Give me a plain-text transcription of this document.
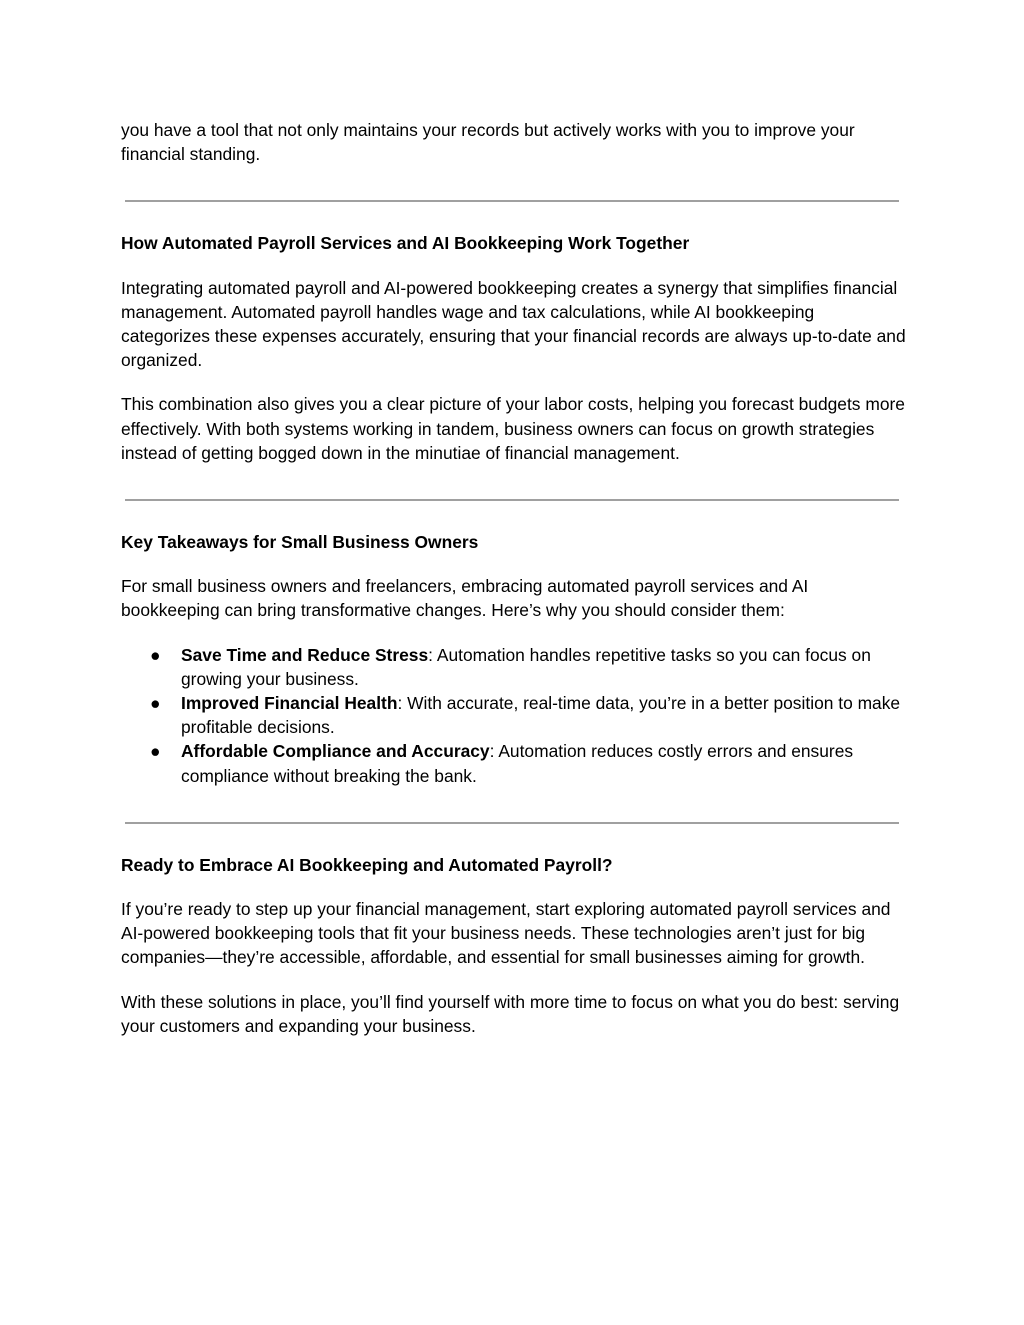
you have a tool that not only maintains your records but actively works with you to improve your financial standing.

How Automated Payroll Services and AI Bookkeeping Work Together

Integrating automated payroll and AI-powered bookkeeping creates a synergy that simplifies financial management. Automated payroll handles wage and tax calculations, while AI bookkeeping categorizes these expenses accurately, ensuring that your financial records are always up-to-date and organized.

This combination also gives you a clear picture of your labor costs, helping you forecast budgets more effectively. With both systems working in tandem, business owners can focus on growth strategies instead of getting bogged down in the minutiae of financial management.

Key Takeaways for Small Business Owners

For small business owners and freelancers, embracing automated payroll services and AI bookkeeping can bring transformative changes. Here’s why you should consider them:

● Save Time and Reduce Stress: Automation handles repetitive tasks so you can focus on growing your business.
● Improved Financial Health: With accurate, real-time data, you’re in a better position to make profitable decisions.
● Affordable Compliance and Accuracy: Automation reduces costly errors and ensures compliance without breaking the bank.
Ready to Embrace AI Bookkeeping and Automated Payroll?

If you’re ready to step up your financial management, start exploring automated payroll services and AI-powered bookkeeping tools that fit your business needs. These technologies aren’t just for big companies—they’re accessible, affordable, and essential for small businesses aiming for growth.

With these solutions in place, you’ll find yourself with more time to focus on what you do best: serving your customers and expanding your business.
